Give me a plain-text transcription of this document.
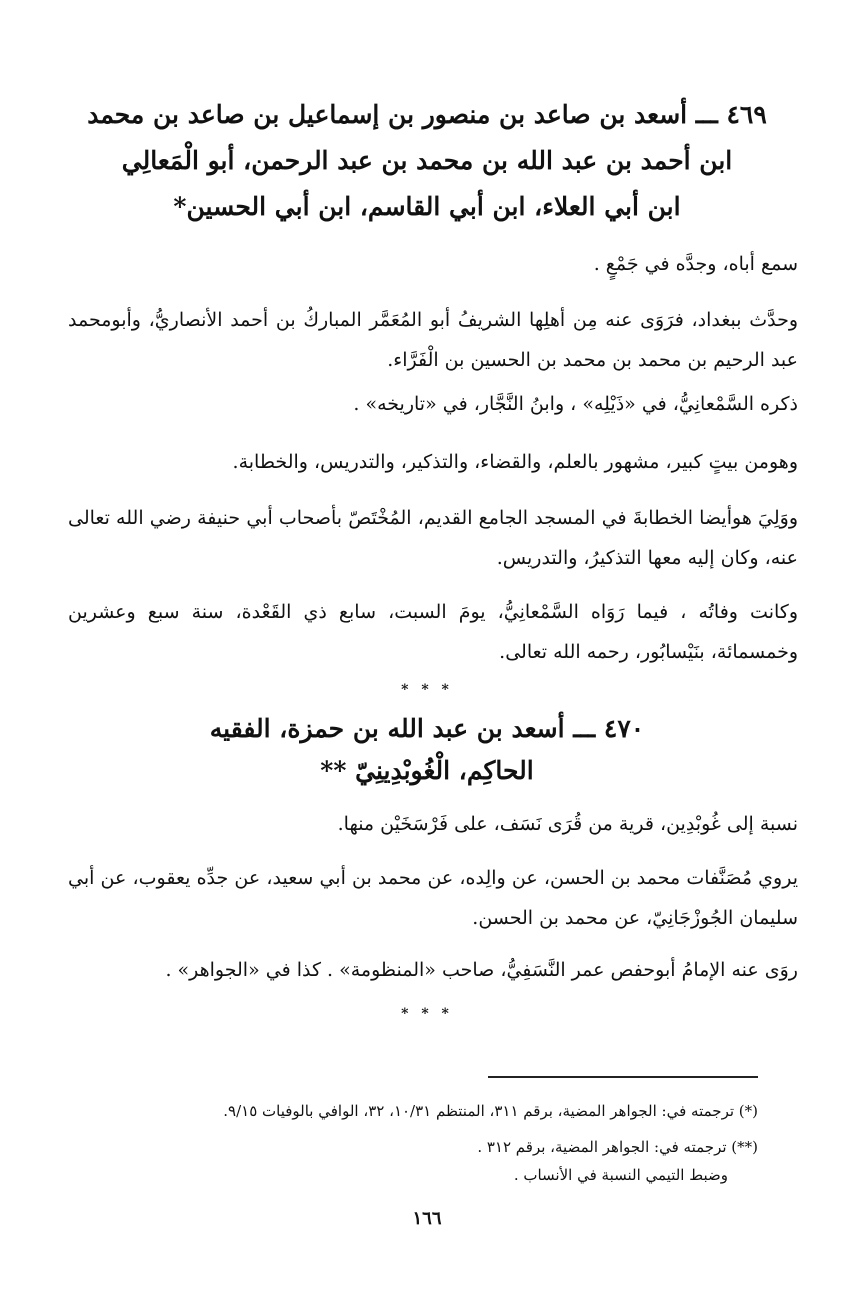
٤٦٩ ـــ أسعد بن صاعد بن منصور بن إسماعيل بن صاعد بن محمد
ابن أحمد بن عبد الله بن محمد بن عبد الرحمن، أبو الْمَعالِي
ابن أبي العلاء، ابن أبي القاسم، ابن أبي الحسين*
سمع أباه، وجدَّه في جَمْعٍ .
وحدَّث ببغداد، فرَوَى عنه مِن أهلِها الشريفُ أبو المُعَمَّر المباركُ بن أحمد الأنصاريُّ، وأبومحمد عبد الرحيم بن محمد بن محمد بن الحسين بن الْفَرَّاء.
ذكره السَّمْعانِيُّ، في «ذَيْلِه» ، وابنُ النَّجَّار، في «تاريخه» .
وهومن بيتٍ كبير، مشهور بالعلم، والقضاء، والتذكير، والتدريس، والخطابة.
ووَلِيَ هوأيضا الخطابةَ في المسجد الجامع القديم، المُخْتَصّ بأصحاب أبي حنيفة رضي الله تعالى عنه، وكان إليه معها التذكيرُ، والتدريس.
وكانت وفاتُه ، فيما رَوَاه السَّمْعانِيُّ، يومَ السبت، سابع ذي القَعْدة، سنة سبع وعشرين وخمسمائة، بنَيْسابُور، رحمه الله تعالى.
* * *
٤٧٠ ـــ أسعد بن عبد الله بن حمزة، الفقيه
الحاكِم، الْغُوبْدِينِيّ **
نسبة إلى غُوبْدِين، قرية من قُرَى نَسَف، على فَرْسَخَيْن منها.
يروي مُصَنَّفات محمد بن الحسن، عن والِده، عن محمد بن أبي سعيد، عن جدِّه يعقوب، عن أبي سليمان الجُوزْجَانِيّ، عن محمد بن الحسن.
روَى عنه الإمامُ أبوحفص عمر النَّسَفِيُّ، صاحب «المنظومة» . كذا في «الجواهر» .
* * *
(*) ترجمته في: الجواهر المضية، برقم ٣١١، المنتظم ١٠/٣١، ٣٢، الوافي بالوفيات ٩/١٥.
(**) ترجمته في: الجواهر المضية، برقم ٣١٢ .
وضبط التيمي النسبة في الأنساب .
١٦٦
